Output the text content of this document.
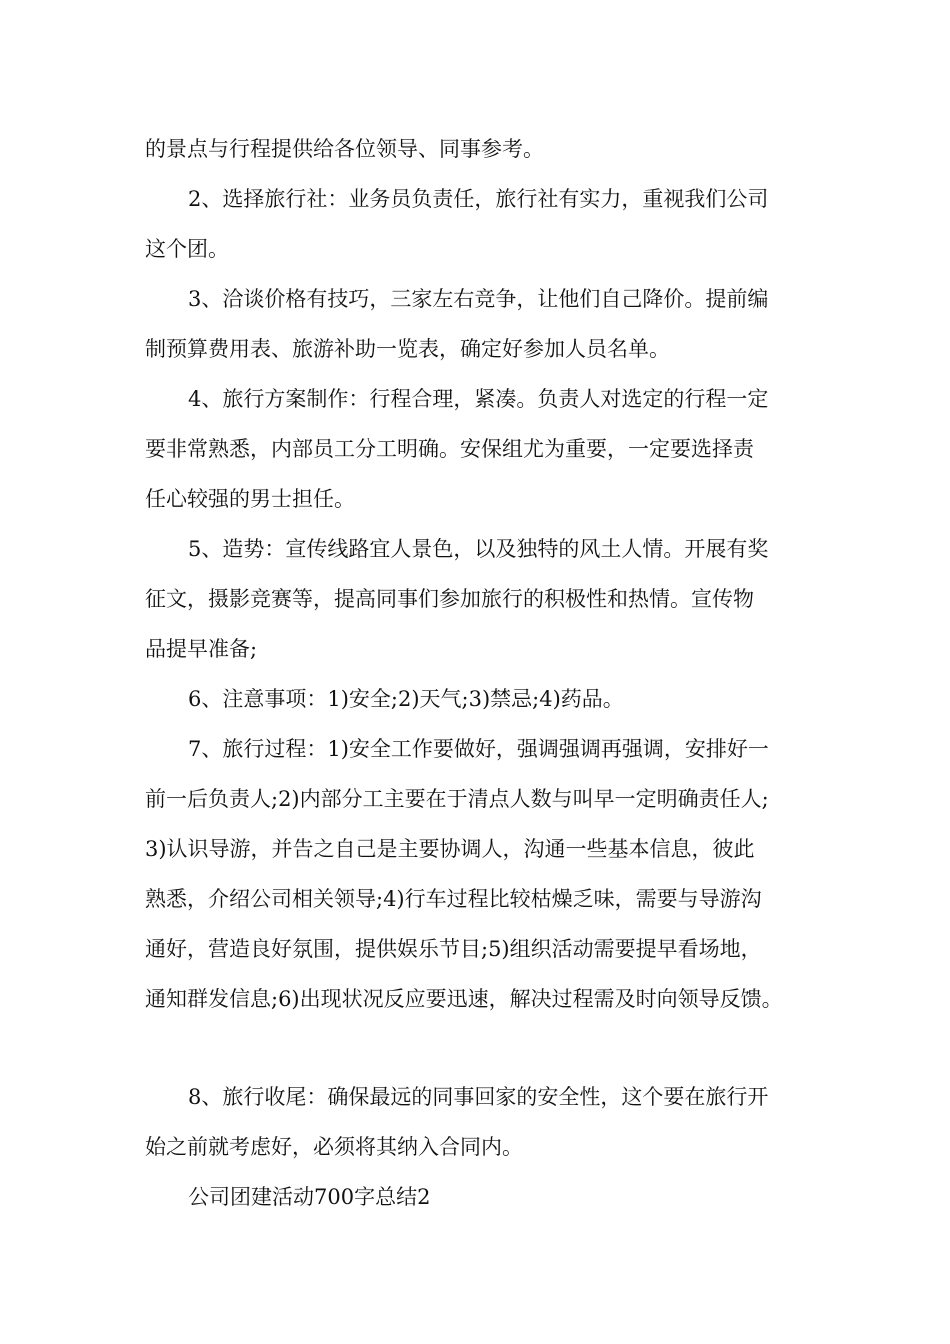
的景点与行程提供给各位领导、同事参考。
2、选择旅行社：业务员负责任，旅行社有实力，重视我们公司
这个团。
3、洽谈价格有技巧，三家左右竞争，让他们自己降价。提前编
制预算费用表、旅游补助一览表，确定好参加人员名单。
4、旅行方案制作：行程合理，紧凑。负责人对选定的行程一定
要非常熟悉，内部员工分工明确。安保组尤为重要，一定要选择责
任心较强的男士担任。
5、造势：宣传线路宜人景色，以及独特的风土人情。开展有奖
征文，摄影竞赛等，提高同事们参加旅行的积极性和热情。宣传物
品提早准备;
6、注意事项：1)安全;2)天气;3)禁忌;4)药品。
7、旅行过程：1)安全工作要做好，强调强调再强调，安排好一
前一后负责人;2)内部分工主要在于清点人数与叫早一定明确责任人;
3)认识导游，并告之自己是主要协调人，沟通一些基本信息，彼此
熟悉，介绍公司相关领导;4)行车过程比较枯燥乏味，需要与导游沟
通好，营造良好氛围，提供娱乐节目;5)组织活动需要提早看场地，
通知群发信息;6)出现状况反应要迅速，解决过程需及时向领导反馈。
8、旅行收尾：确保最远的同事回家的安全性，这个要在旅行开
始之前就考虑好，必须将其纳入合同内。
公司团建活动700字总结2
